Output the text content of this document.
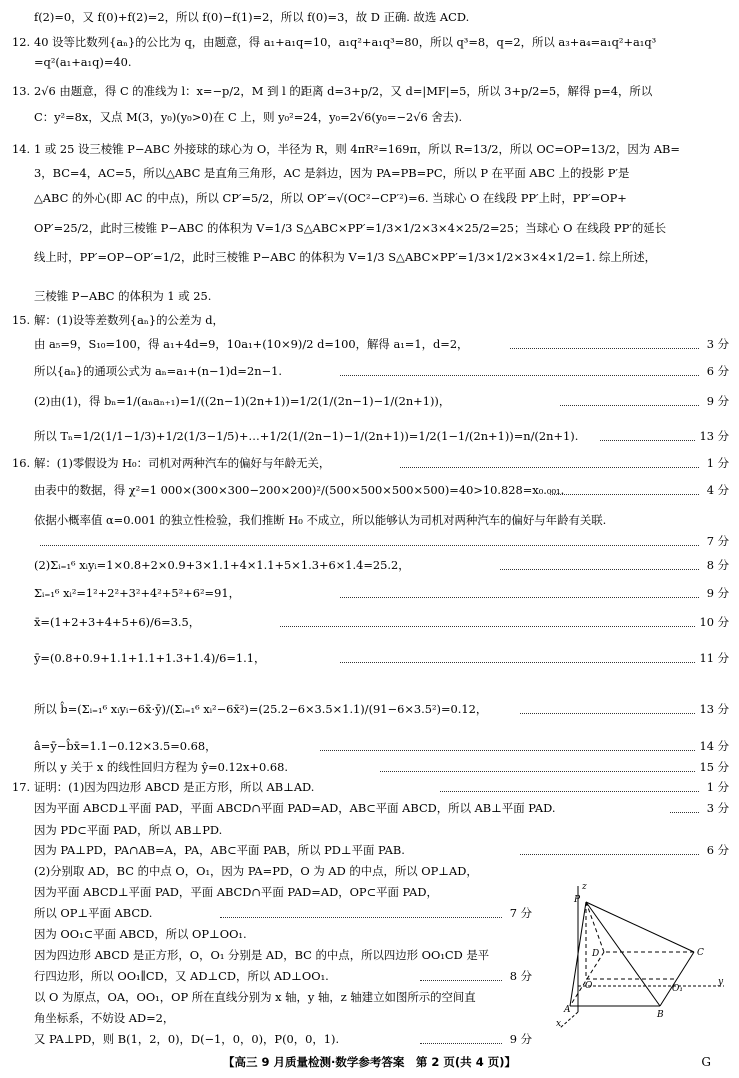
f(2)=0，又 f(0)+f(2)=2，所以 f(0)−f(1)=2，所以 f(0)=3，故 D 正确. 故选 ACD.
12. 40 设等比数列{aₙ}的公比为 q，由题意，得 a₁+a₁q=10，a₁q²+a₁q³=80，所以 q³=8，q=2，所以 a₃+a₄=a₁q²+a₁q³
=q²(a₁+a₁q)=40.
13. 2√6 由题意，得 C 的准线为 l：x=−p/2，M 到 l 的距离 d=3+p/2，又 d=|MF|=5，所以 3+p/2=5，解得 p=4，所以
C：y²=8x，又点 M(3，y₀)(y₀>0)在 C 上，则 y₀²=24，y₀=2√6(y₀=−2√6 舍去).
14. 1 或 25 设三棱锥 P−ABC 外接球的球心为 O，半径为 R，则 4πR²=169π，所以 R=13/2，所以 OC=OP=13/2，因为 AB=
3，BC=4，AC=5，所以△ABC 是直角三角形，AC 是斜边，因为 PA=PB=PC，所以 P 在平面 ABC 上的投影 P′是
△ABC 的外心(即 AC 的中点)，所以 CP′=5/2，所以 OP′=√(OC²−CP′²)=6. 当球心 O 在线段 PP′上时，PP′=OP+
OP′=25/2，此时三棱锥 P−ABC 的体积为 V=1/3 S△ABC×PP′=1/3×1/2×3×4×25/2=25；当球心 O 在线段 PP′的延长
线上时，PP′=OP−OP′=1/2，此时三棱锥 P−ABC 的体积为 V=1/3 S△ABC×PP′=1/3×1/2×3×4×1/2=1. 综上所述，
三棱锥 P−ABC 的体积为 1 或 25.
15. 解：(1)设等差数列{aₙ}的公差为 d，
由 a₅=9，S₁₀=100，得 a₁+4d=9，10a₁+(10×9)/2 d=100，解得 a₁=1，d=2，	3 分
所以{aₙ}的通项公式为 aₙ=a₁+(n−1)d=2n−1.	6 分
(2)由(1)，得 bₙ=1/(aₙaₙ₊₁)=1/((2n−1)(2n+1))=1/2(1/(2n−1)−1/(2n+1))，	9 分
所以 Tₙ=1/2(1/1−1/3)+1/2(1/3−1/5)+…+1/2(1/(2n−1)−1/(2n+1))=1/2(1−1/(2n+1))=n/(2n+1).	13 分
16. 解：(1)零假设为 H₀：司机对两种汽车的偏好与年龄无关，	1 分
由表中的数据，得 χ²=1 000×(300×300−200×200)²/(500×500×500×500)=40>10.828=x₀.₀₀₁.	4 分
依据小概率值 α=0.001 的独立性检验，我们推断 H₀ 不成立，所以能够认为司机对两种汽车的偏好与年龄有关联.
7 分
(2)Σᵢ₌₁⁶ xᵢyᵢ=1×0.8+2×0.9+3×1.1+4×1.1+5×1.3+6×1.4=25.2，	8 分
Σᵢ₌₁⁶ xᵢ²=1²+2²+3²+4²+5²+6²=91，	9 分
x̄=(1+2+3+4+5+6)/6=3.5，	10 分
ȳ=(0.8+0.9+1.1+1.1+1.3+1.4)/6=1.1，	11 分
所以 b̂=(Σᵢ₌₁⁶ xᵢyᵢ−6x̄·ȳ)/(Σᵢ₌₁⁶ xᵢ²−6x̄²)=(25.2−6×3.5×1.1)/(91−6×3.5²)=0.12，	13 分
â=ȳ−b̂x̄=1.1−0.12×3.5=0.68，	14 分
所以 y 关于 x 的线性回归方程为 ŷ=0.12x+0.68.	15 分
17. 证明：(1)因为四边形 ABCD 是正方形，所以 AB⊥AD.	1 分
因为平面 ABCD⊥平面 PAD，平面 ABCD∩平面 PAD=AD，AB⊂平面 ABCD，所以 AB⊥平面 PAD.	3 分
因为 PD⊂平面 PAD，所以 AB⊥PD.
因为 PA⊥PD，PA∩AB=A，PA，AB⊂平面 PAB，所以 PD⊥平面 PAB.	6 分
(2)分别取 AD，BC 的中点 O，O₁，因为 PA=PD，O 为 AD 的中点，所以 OP⊥AD，
因为平面 ABCD⊥平面 PAD，平面 ABCD∩平面 PAD=AD，OP⊂平面 PAD，
所以 OP⊥平面 ABCD.	7 分
因为 OO₁⊂平面 ABCD，所以 OP⊥OO₁.
因为四边形 ABCD 是正方形，O，O₁ 分别是 AD，BC 的中点，所以四边形 OO₁CD 是平
行四边形，所以 OO₁∥CD，又 AD⊥CD，所以 AD⊥OO₁.	8 分
以 O 为原点，OA，OO₁，OP 所在直线分别为 x 轴，y 轴，z 轴建立如图所示的空间直
角坐标系，不妨设 AD=2，
又 PA⊥PD，则 B(1，2，0)，D(−1，0，0)，P(0，0，1).	9 分
z
P
D
O
C
O₁
B
A
x
y
【高三 9 月质量检测·数学参考答案　第 2 页(共 4 页)】	G
